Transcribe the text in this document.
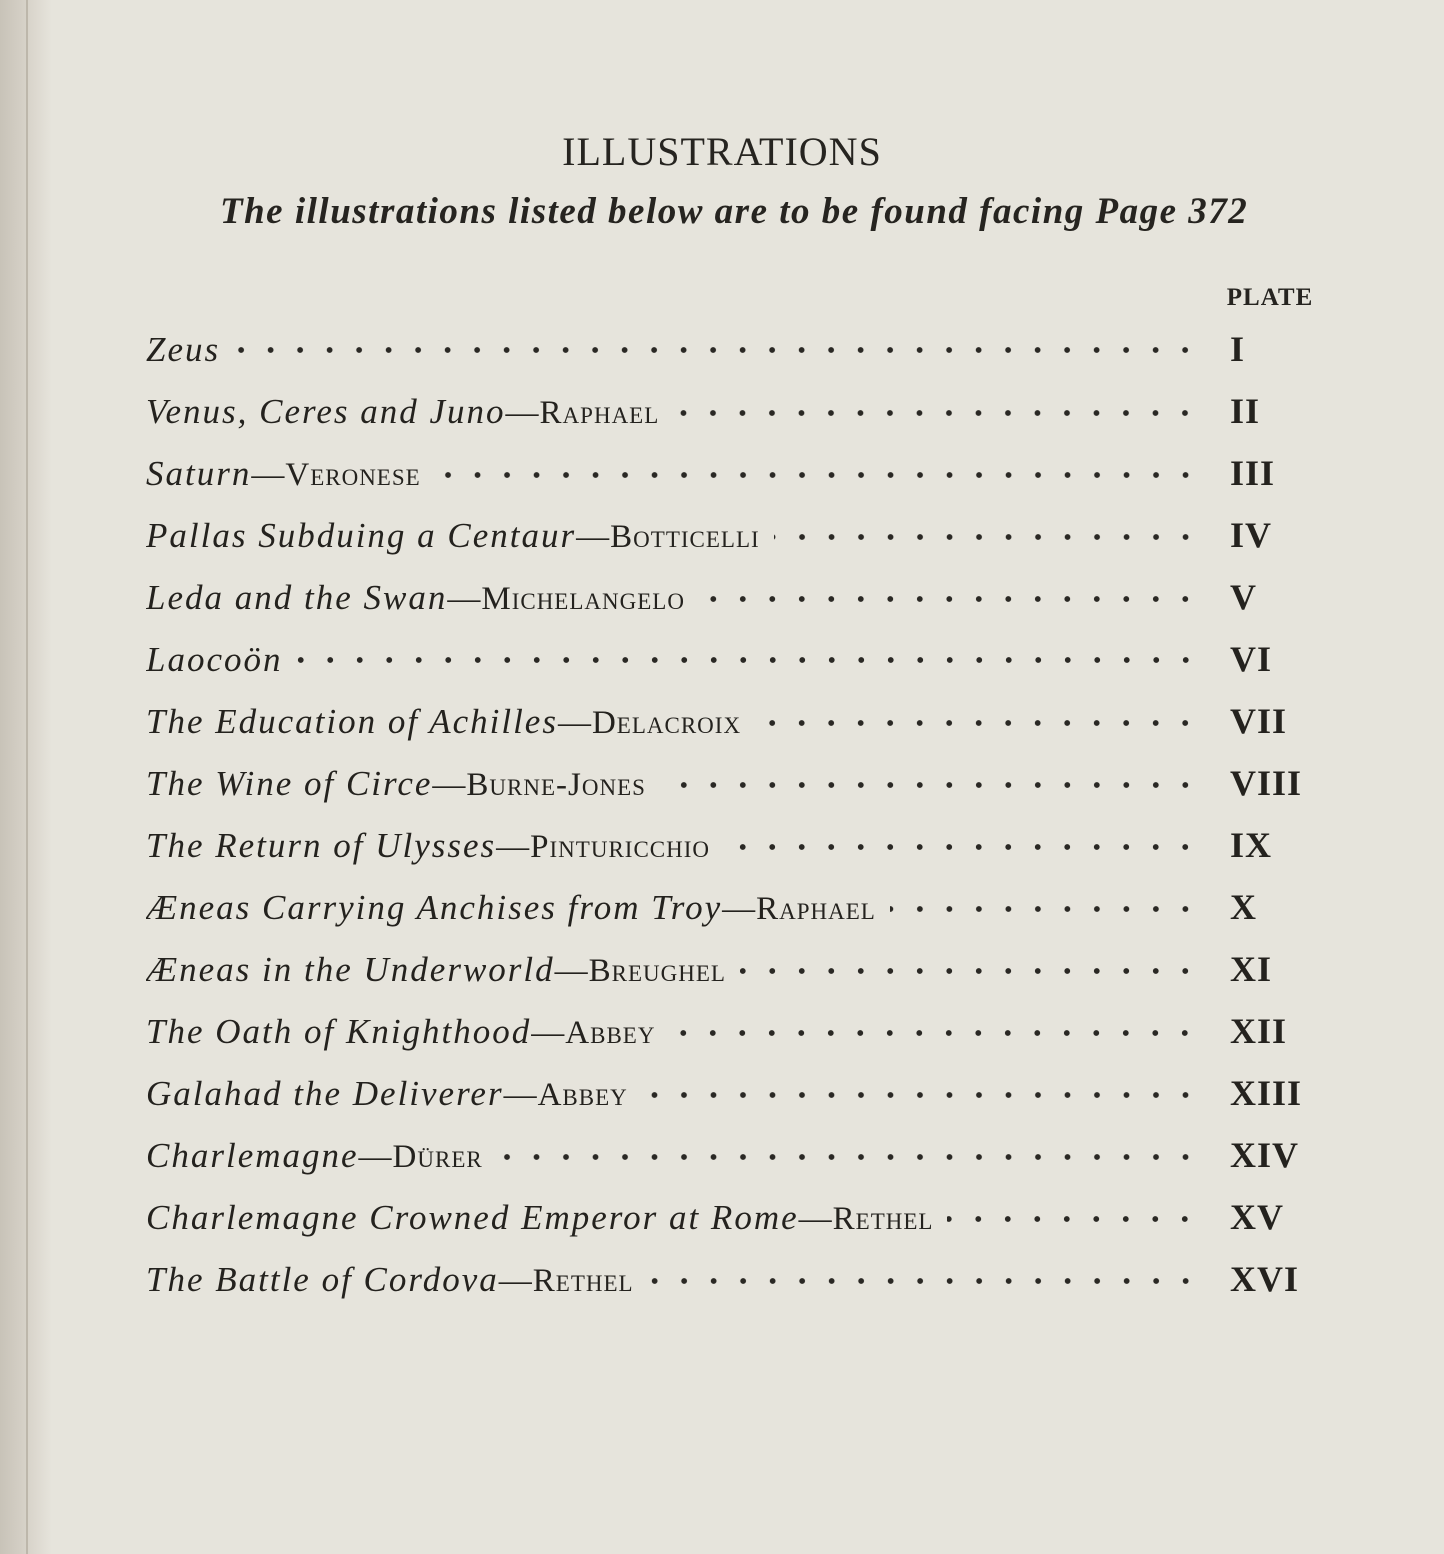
ILLUSTRATIONS
The illustrations listed below are to be found facing Page 372
PLATE
Zeus	I
Venus, Ceres and Juno — Raphael	II
Saturn — Veronese	III
Pallas Subduing a Centaur — Botticelli	IV
Leda and the Swan — Michelangelo	V
Laocoön	VI
The Education of Achilles — Delacroix	VII
The Wine of Circe — Burne-Jones	VIII
The Return of Ulysses — Pinturicchio	IX
Æneas Carrying Anchises from Troy — Raphael	X
Æneas in the Underworld — Breughel	XI
The Oath of Knighthood — Abbey	XII
Galahad the Deliverer — Abbey	XIII
Charlemagne — Dürer	XIV
Charlemagne Crowned Emperor at Rome — Rethel	XV
The Battle of Cordova — Rethel	XVI
